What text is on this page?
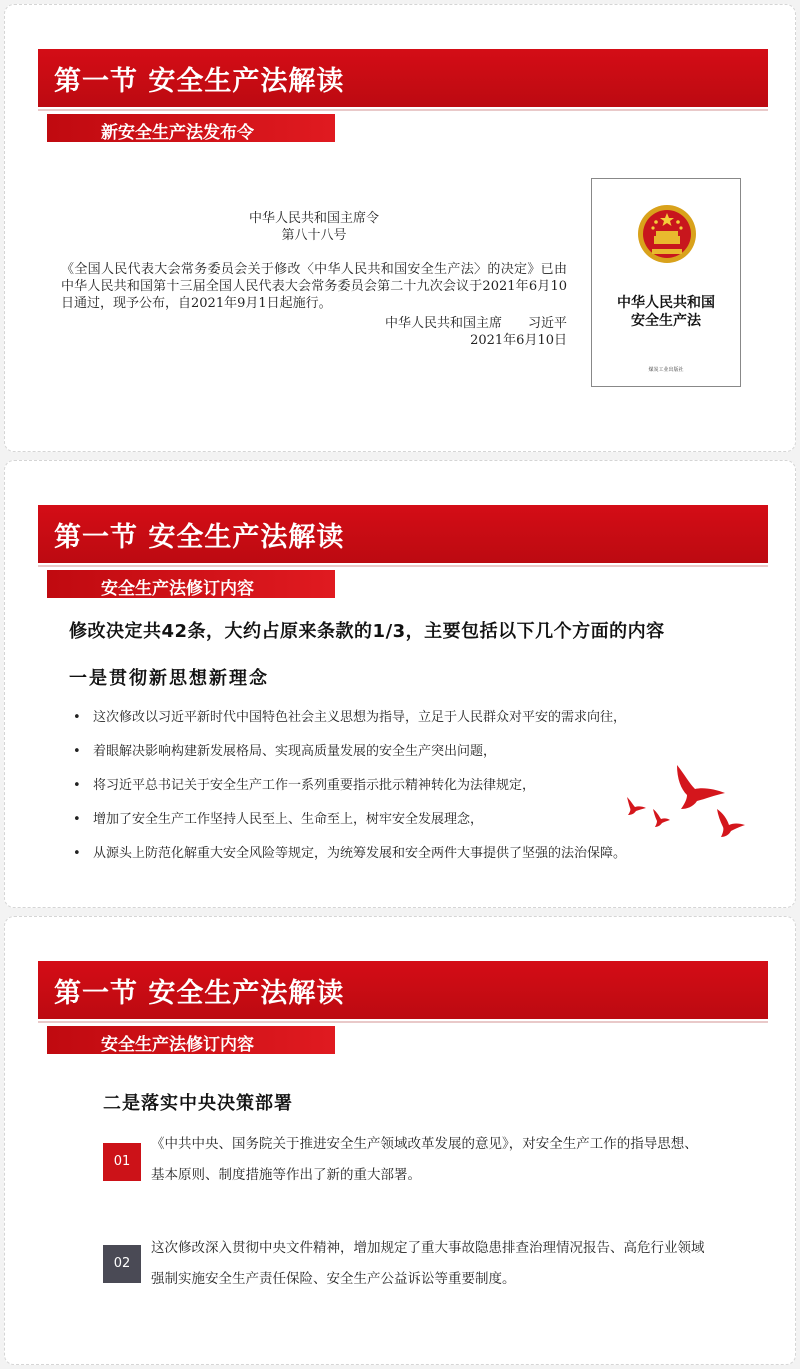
第一节 安全生产法解读
新安全生产法发布令
中华人民共和国主席令
第八十八号
《全国人民代表大会常务委员会关于修改〈中华人民共和国安全生产法〉的决定》已由中华人民共和国第十三届全国人民代表大会常务委员会第二十九次会议于2021年6月10日通过，现予公布，自2021年9月1日起施行。
中华人民共和国主席　　习近平
2021年6月10日
中华人民共和国
安全生产法
煤炭工业出版社
第一节 安全生产法解读
安全生产法修订内容
修改决定共42条，大约占原来条款的1/3，主要包括以下几个方面的内容
一是贯彻新思想新理念
• 这次修改以习近平新时代中国特色社会主义思想为指导，立足于人民群众对平安的需求向往，
• 着眼解决影响构建新发展格局、实现高质量发展的安全生产突出问题，
• 将习近平总书记关于安全生产工作一系列重要指示批示精神转化为法律规定，
• 增加了安全生产工作坚持人民至上、生命至上，树牢安全发展理念，
• 从源头上防范化解重大安全风险等规定，为统筹发展和安全两件大事提供了坚强的法治保障。
第一节 安全生产法解读
安全生产法修订内容
二是落实中央决策部署
01
《中共中央、国务院关于推进安全生产领域改革发展的意见》，对安全生产工作的指导思想、基本原则、制度措施等作出了新的重大部署。
02
这次修改深入贯彻中央文件精神，增加规定了重大事故隐患排查治理情况报告、高危行业领域强制实施安全生产责任保险、安全生产公益诉讼等重要制度。
